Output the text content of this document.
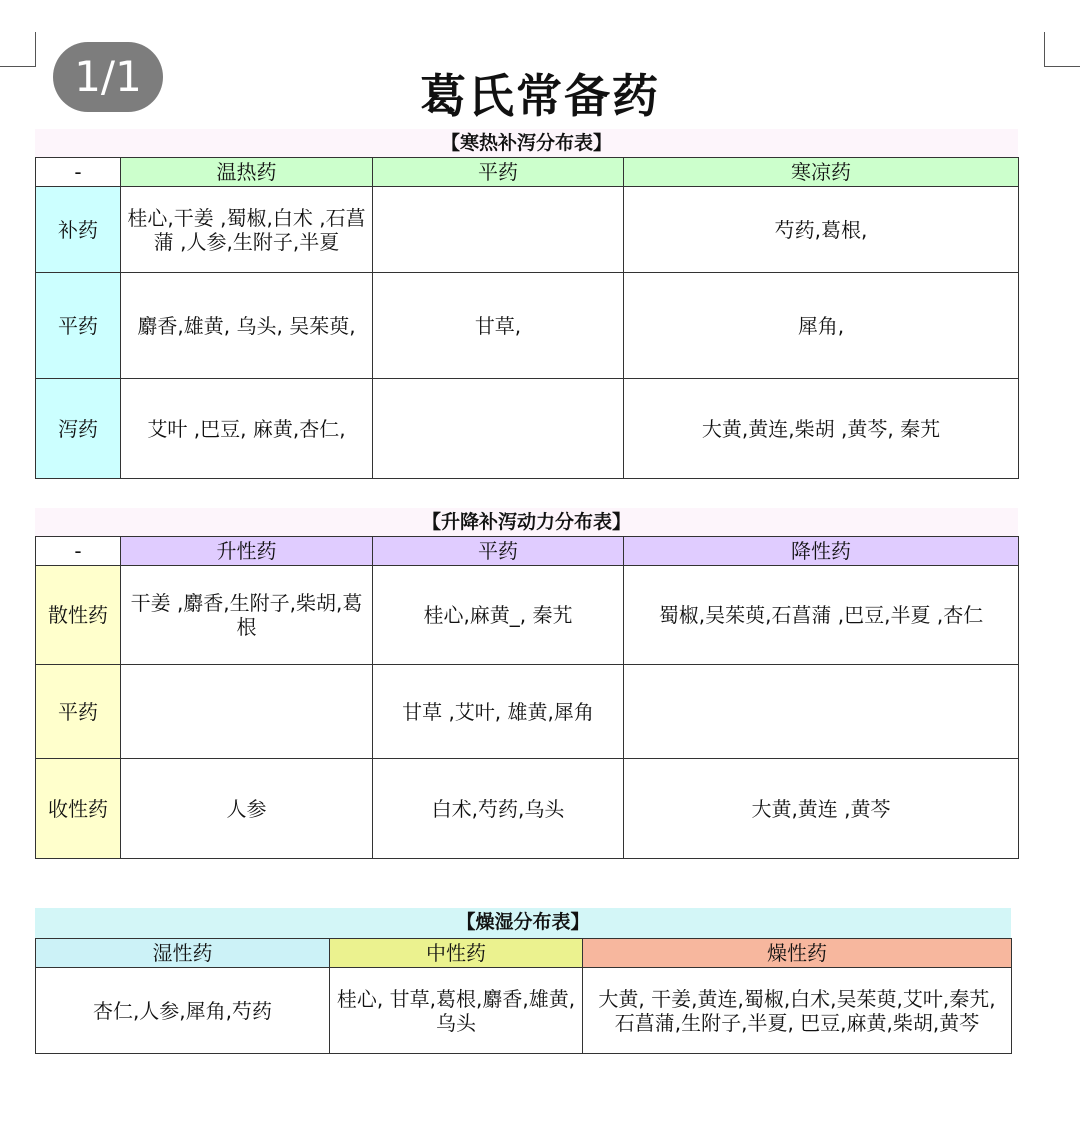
1/1	葛氏常备药
【寒热补泻分布表】
-	温热药	平药	寒凉药
补药	桂心,干姜 ,蜀椒,白术 ,石菖蒲 ,人参,生附子,半夏		芍药,葛根,
平药	麝香,雄黄, 乌头, 吴茱萸,	甘草,	犀角,
泻药	艾叶 ,巴豆, 麻黄,杏仁,		大黄,黄连,柴胡 ,黄芩, 秦艽
【升降补泻动力分布表】
-	升性药	平药	降性药
散性药	干姜 ,麝香,生附子,柴胡,葛根	桂心,麻黄_, 秦艽	蜀椒,吴茱萸,石菖蒲 ,巴豆,半夏 ,杏仁
平药		甘草 ,艾叶, 雄黄,犀角	
收性药	人参	白术,芍药,乌头	大黄,黄连 ,黄芩
【燥湿分布表】
湿性药	中性药	燥性药
杏仁,人参,犀角,芍药	桂心, 甘草,葛根,麝香,雄黄,乌头	大黄, 干姜,黄连,蜀椒,白术,吴茱萸,艾叶,秦艽,石菖蒲,生附子,半夏, 巴豆,麻黄,柴胡,黄芩
